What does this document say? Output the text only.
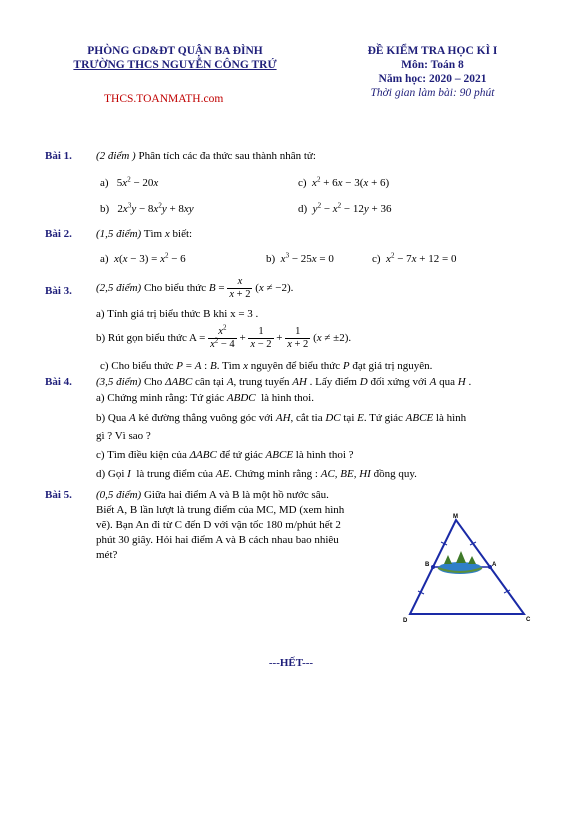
PHÒNG GD&ĐT QUẬN BA ĐÌNH
TRƯỜNG THCS NGUYỄN CÔNG TRỨ
THCS.TOANMATH.com
ĐỀ KIỂM TRA HỌC KÌ I
Môn: Toán 8
Năm học: 2020 – 2021
Thời gian làm bài: 90 phút
Bài 1. (2 điểm ) Phân tích các đa thức sau thành nhân tử:
a)   $5x^2 - 20x$	c) $x^2 + 6x - 3(x + 6)$
b)   $2x^3y - 8x^2y + 8xy$	d) $y^2 - x^2 - 12y + 36$
Bài 2. (1,5 điểm) Tìm x biết:
a) $x(x - 3) = x^2 - 6$	b) $x^3 - 25x = 0$	c) $x^2 - 7x + 12 = 0$
Bài 3. (2,5 điểm) Cho biểu thức $B = \frac{x}{x + 2} (x \ne -2)$.
a) Tính giá trị biểu thức B khi x = 3 .
b) Rút gọn biểu thức $A = \frac{x^2}{x^2 - 4} + \frac{1}{x - 2} + \frac{1}{x + 2} (x \ne \pm 2)$.
c) Cho biểu thức P = A : B. Tìm x nguyên để biểu thức P đạt giá trị nguyên.
Bài 4. (3,5 điểm) Cho ΔABC cân tại A, trung tuyến AH . Lấy điểm D đối xứng với A qua H .
a) Chứng minh rằng: Tứ giác ABDC là hình thoi.
b) Qua A kẻ đường thẳng vuông góc với AH, cắt tia DC tại E. Tứ giác ABCE là hình
gì ? Vì sao ?
c) Tìm điều kiện của ΔABC để tứ giác ABCE là hình thoi ?
d) Gọi I là trung điểm của AE. Chứng minh rằng : AC, BE, HI đồng quy.
Bài 5. (0,5 điểm) Giữa hai điểm A và B là một hồ nước sâu.
Biết A, B lần lượt là trung điểm của MC, MD (xem hình
vẽ). Bạn An đi từ C đến D với vận tốc 180 m/phút hết 2
phút 30 giây. Hỏi hai điểm A và B cách nhau bao nhiêu
mét?
M
B	A
D	C
---HẾT---
